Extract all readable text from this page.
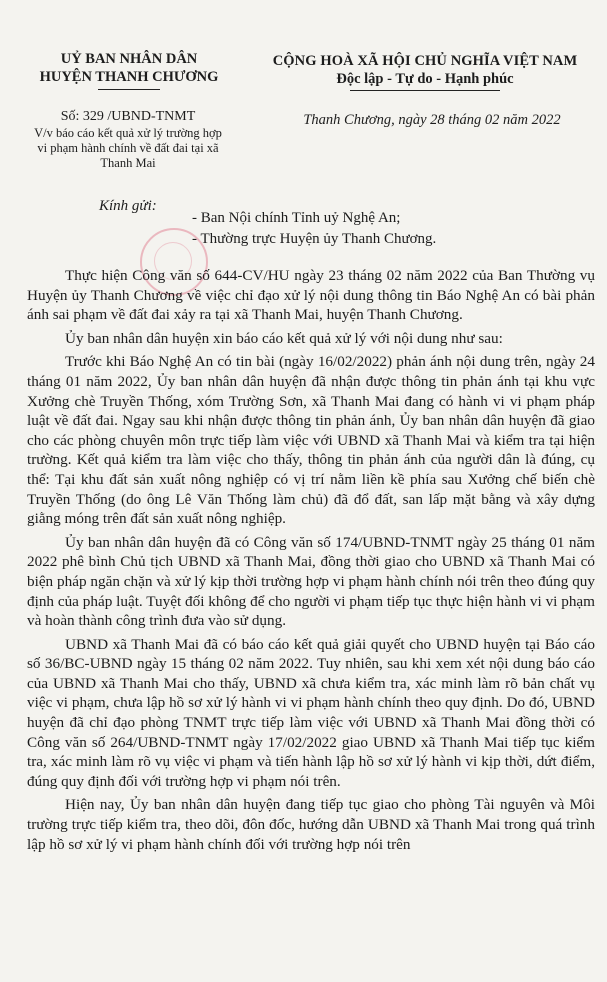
UỶ BAN NHÂN DÂN
HUYỆN THANH CHƯƠNG
CỘNG HOÀ XÃ HỘI CHỦ NGHĨA VIỆT NAM
Độc lập - Tự do - Hạnh phúc
Số: 329 /UBND-TNMT
V/v báo cáo kết quả xử lý trường hợp
vi phạm hành chính về đất đai tại xã
Thanh Mai
Thanh Chương, ngày 28 tháng 02 năm 2022
Kính gửi:
- Ban Nội chính Tỉnh uỷ Nghệ An;
- Thường trực Huyện ủy Thanh Chương.

Thực hiện Công văn số 644-CV/HU ngày 23 tháng 02 năm 2022 của Ban Thường vụ Huyện ủy Thanh Chương về việc chỉ đạo xử lý nội dung thông tin Báo Nghệ An có bài phản ánh sai phạm về đất đai xảy ra tại xã Thanh Mai, huyện Thanh Chương.

Ủy ban nhân dân huyện xin báo cáo kết quả xử lý với nội dung như sau:

Trước khi Báo Nghệ An có tin bài (ngày 16/02/2022) phản ánh nội dung trên, ngày 24 tháng 01 năm 2022, Ủy ban nhân dân huyện đã nhận được thông tin phản ánh tại khu vực Xưởng chè Truyền Thống, xóm Trường Sơn, xã Thanh Mai đang có hành vi vi phạm pháp luật về đất đai. Ngay sau khi nhận được thông tin phản ánh, Ủy ban nhân dân huyện đã giao cho các phòng chuyên môn trực tiếp làm việc với UBND xã Thanh Mai và kiểm tra tại hiện trường. Kết quả kiểm tra làm việc cho thấy, thông tin phản ánh của người dân là đúng, cụ thể: Tại khu đất sản xuất nông nghiệp có vị trí nằm liền kề phía sau Xưởng chế biến chè Truyền Thống (do ông Lê Văn Thống làm chủ) đã đổ đất, san lấp mặt bằng và xây dựng giằng móng trên đất sản xuất nông nghiệp.

Ủy ban nhân dân huyện đã có Công văn số 174/UBND-TNMT ngày 25 tháng 01 năm 2022 phê bình Chủ tịch UBND xã Thanh Mai, đồng thời giao cho UBND xã Thanh Mai có biện pháp ngăn chặn và xử lý kịp thời trường hợp vi phạm hành chính nói trên theo đúng quy định của pháp luật. Tuyệt đối không để cho người vi phạm tiếp tục thực hiện hành vi vi phạm và hoàn thành công trình đưa vào sử dụng.

UBND xã Thanh Mai đã có báo cáo kết quả giải quyết cho UBND huyện tại Báo cáo số 36/BC-UBND ngày 15 tháng 02 năm 2022. Tuy nhiên, sau khi xem xét nội dung báo cáo của UBND xã Thanh Mai cho thấy, UBND xã chưa kiểm tra, xác minh làm rõ bản chất vụ việc vi phạm, chưa lập hồ sơ xử lý hành vi vi phạm hành chính theo quy định. Do đó, UBND huyện đã chỉ đạo phòng TNMT trực tiếp làm việc với UBND xã Thanh Mai đồng thời có Công văn số 264/UBND-TNMT ngày 17/02/2022 giao UBND xã Thanh Mai tiếp tục kiểm tra, xác minh làm rõ vụ việc vi phạm và tiến hành lập hồ sơ xử lý hành vi kịp thời, dứt điểm, đúng quy định đối với trường hợp vi phạm nói trên.

Hiện nay, Ủy ban nhân dân huyện đang tiếp tục giao cho phòng Tài nguyên và Môi trường trực tiếp kiểm tra, theo dõi, đôn đốc, hướng dẫn UBND xã Thanh Mai trong quá trình lập hồ sơ xử lý vi phạm hành chính đối với trường hợp nói trên
